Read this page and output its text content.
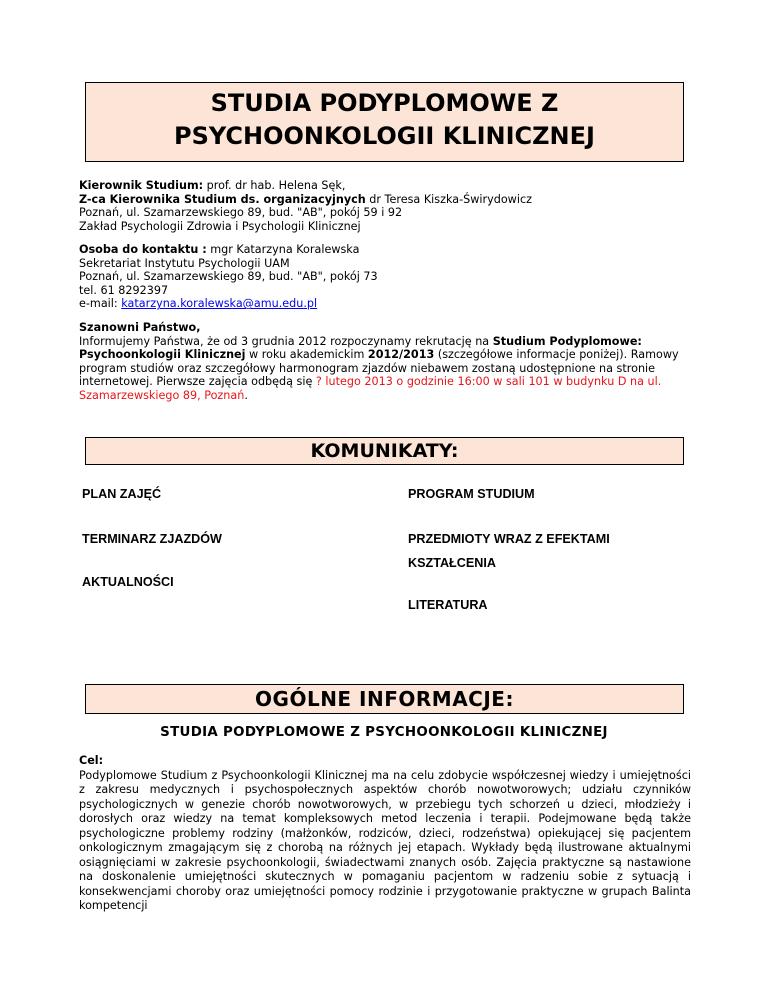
STUDIA PODYPLOMOWE Z
PSYCHOONKOLOGII KLINICZNEJ

Kierownik Studium: prof. dr hab. Helena Sęk,

Z-ca Kierownika Studium ds. organizacyjnych dr Teresa Kiszka-Świrydowicz

Poznań, ul. Szamarzewskiego 89, bud. "AB", pokój 59 i 92

Zakład Psychologii Zdrowia i Psychologii Klinicznej

Osoba do kontaktu : mgr Katarzyna Koralewska

Sekretariat Instytutu Psychologii UAM

Poznań, ul. Szamarzewskiego 89, bud. "AB", pokój 73

tel. 61 8292397

e-mail: katarzyna.koralewska@amu.edu.pl

Szanowni Państwo,

Informujemy Państwa, że od 3 grudnia 2012 rozpoczynamy rekrutację na Studium Podyplomowe: Psychoonkologii Klinicznej w roku akademickim 2012/2013 (szczegółowe informacje poniżej). Ramowy program studiów oraz szczegółowy harmonogram zjazdów niebawem zostaną udostępnione na stronie internetowej. Pierwsze zajęcia odbędą się ? lutego 2013 o godzinie 16:00 w sali 101 w budynku D na ul. Szamarzewskiego 89, Poznań.

KOMUNIKATY:
PLAN ZAJĘĆ	PROGRAM STUDIUM
TERMINARZ ZJAZDÓW	PRZEDMIOTY WRAZ Z EFEKTAMI
KSZTAŁCENIA
AKTUALNOŚCI
LITERATURA
OGÓLNE INFORMACJE:
STUDIA PODYPLOMOWE Z PSYCHOONKOLOGII KLINICZNEJ
Cel:
Podyplomowe Studium z Psychoonkologii Klinicznej ma na celu zdobycie współczesnej wiedzy i umiejętności z zakresu medycznych i psychospołecznych aspektów chorób nowotworowych; udziału czynników psychologicznych w genezie chorób nowotworowych, w przebiegu tych schorzeń u dzieci, młodzieży i dorosłych oraz wiedzy na temat kompleksowych metod leczenia i terapii. Podejmowane będą także psychologiczne problemy rodziny (małżonków, rodziców, dzieci, rodzeństwa) opiekującej się pacjentem onkologicznym zmagającym się z chorobą na różnych jej etapach. Wykłady będą ilustrowane aktualnymi osiągnięciami w zakresie psychoonkologii, świadectwami znanych osób. Zajęcia praktyczne są nastawione na doskonalenie umiejętności skutecznych w pomaganiu pacjentom w radzeniu sobie z sytuacją i konsekwencjami choroby oraz umiejętności pomocy rodzinie i przygotowanie praktyczne w grupach Balinta kompetencji
